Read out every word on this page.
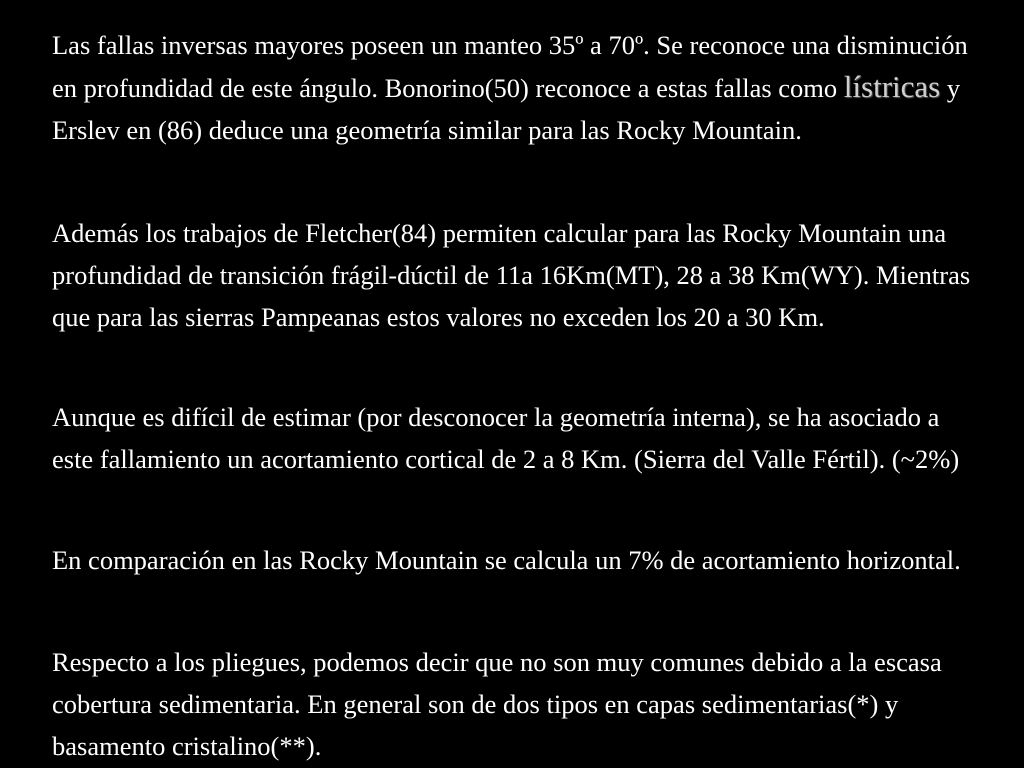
Las fallas inversas mayores poseen un manteo 35º a 70º. Se reconoce una disminución en profundidad de este ángulo. Bonorino(50) reconoce a estas fallas como lístricas y Erslev en (86) deduce una geometría similar para las Rocky Mountain.

Además los trabajos de Fletcher(84) permiten calcular para las Rocky Mountain una profundidad de transición frágil-dúctil de 11a 16Km(MT), 28 a 38 Km(WY). Mientras que para las sierras Pampeanas estos valores no exceden los 20 a 30 Km.

Aunque es difícil de estimar (por desconocer la geometría interna), se ha asociado a este fallamiento un acortamiento cortical de 2 a 8 Km. (Sierra del Valle Fértil). (~2%)

En comparación en las Rocky Mountain se calcula un 7% de acortamiento horizontal.

Respecto a los pliegues, podemos decir que no son muy comunes debido a la escasa cobertura sedimentaria. En general son de dos tipos en capas sedimentarias(*) y basamento cristalino(**).
